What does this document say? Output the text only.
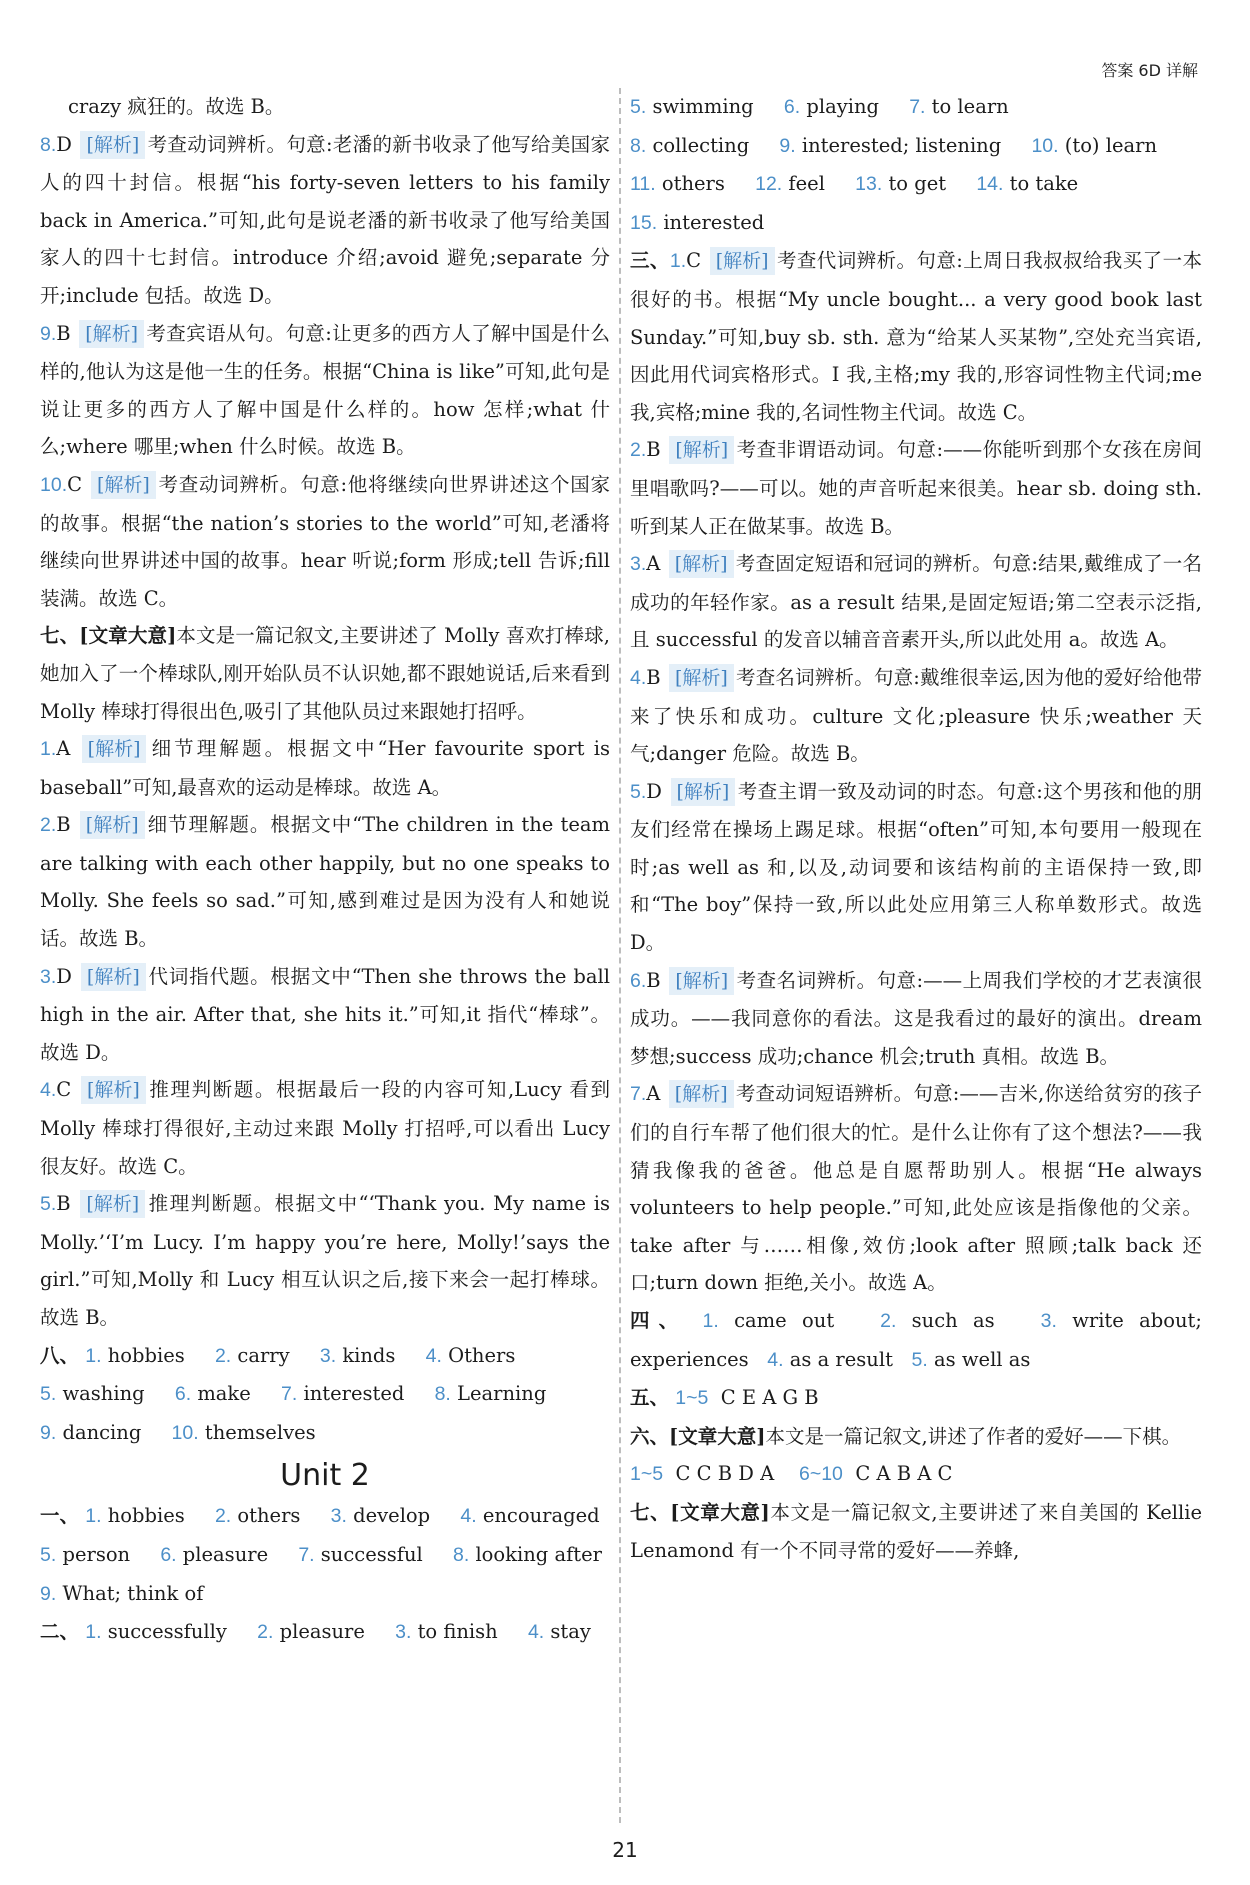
答案 6D 详解

crazy 疯狂的。故选 B。

8.D [解析] 考查动词辨析。句意:老潘的新书收录了他写给美国家人的四十封信。根据“his forty-seven letters to his family back in America.”可知,此句是说老潘的新书收录了他写给美国家人的四十七封信。introduce 介绍;avoid 避免;separate 分开;include 包括。故选 D。

9.B [解析] 考查宾语从句。句意:让更多的西方人了解中国是什么样的,他认为这是他一生的任务。根据“China is like”可知,此句是说让更多的西方人了解中国是什么样的。how 怎样;what 什么;where 哪里;when 什么时候。故选 B。

10.C [解析] 考查动词辨析。句意:他将继续向世界讲述这个国家的故事。根据“the nation’s stories to the world”可知,老潘将继续向世界讲述中国的故事。hear 听说;form 形成;tell 告诉;fill 装满。故选 C。

七、[文章大意]本文是一篇记叙文,主要讲述了 Molly 喜欢打棒球,她加入了一个棒球队,刚开始队员不认识她,都不跟她说话,后来看到 Molly 棒球打得很出色,吸引了其他队员过来跟她打招呼。

1.A [解析] 细节理解题。根据文中“Her favourite sport is baseball”可知,最喜欢的运动是棒球。故选 A。

2.B [解析] 细节理解题。根据文中“The children in the team are talking with each other happily, but no one speaks to Molly. She feels so sad.”可知,感到难过是因为没有人和她说话。故选 B。

3.D [解析] 代词指代题。根据文中“Then she throws the ball high in the air. After that, she hits it.”可知,it 指代“棒球”。故选 D。

4.C [解析] 推理判断题。根据最后一段的内容可知,Lucy 看到 Molly 棒球打得很好,主动过来跟 Molly 打招呼,可以看出 Lucy 很友好。故选 C。

5.B [解析] 推理判断题。根据文中“‘Thank you. My name is Molly.’‘I’m Lucy. I’m happy you’re here, Molly!’says the girl.”可知,Molly 和 Lucy 相互认识之后,接下来会一起打棒球。故选 B。

八、 1. hobbies 2. carry 3. kinds 4. Others
5. washing 6. make 7. interested 8. Learning
9. dancing 10. themselves
Unit 2
一、 1. hobbies 2. others 3. develop 4. encouraged
5. person 6. pleasure 7. successful 8. looking after
9. What; think of
二、 1. successfully 2. pleasure 3. to finish 4. stay
5. swimming 6. playing 7. to learn
8. collecting 9. interested; listening 10. (to) learn
11. others 12. feel 13. to get 14. to take
15. interested

三、1.C [解析] 考查代词辨析。句意:上周日我叔叔给我买了一本很好的书。根据“My uncle bought... a very good book last Sunday.”可知,buy sb. sth. 意为“给某人买某物”,空处充当宾语,因此用代词宾格形式。I 我,主格;my 我的,形容词性物主代词;me 我,宾格;mine 我的,名词性物主代词。故选 C。

2.B [解析] 考查非谓语动词。句意:——你能听到那个女孩在房间里唱歌吗?——可以。她的声音听起来很美。hear sb. doing sth. 听到某人正在做某事。故选 B。

3.A [解析] 考查固定短语和冠词的辨析。句意:结果,戴维成了一名成功的年轻作家。as a result 结果,是固定短语;第二空表示泛指,且 successful 的发音以辅音音素开头,所以此处用 a。故选 A。

4.B [解析] 考查名词辨析。句意:戴维很幸运,因为他的爱好给他带来了快乐和成功。culture 文化;pleasure 快乐;weather 天气;danger 危险。故选 B。

5.D [解析] 考查主谓一致及动词的时态。句意:这个男孩和他的朋友们经常在操场上踢足球。根据“often”可知,本句要用一般现在时;as well as 和,以及,动词要和该结构前的主语保持一致,即和“The boy”保持一致,所以此处应用第三人称单数形式。故选 D。

6.B [解析] 考查名词辨析。句意:——上周我们学校的才艺表演很成功。——我同意你的看法。这是我看过的最好的演出。dream 梦想;success 成功;chance 机会;truth 真相。故选 B。

7.A [解析] 考查动词短语辨析。句意:——吉米,你送给贫穷的孩子们的自行车帮了他们很大的忙。是什么让你有了这个想法?——我猜我像我的爸爸。他总是自愿帮助别人。根据“He always volunteers to help people.”可知,此处应该是指像他的父亲。take after 与……相像,效仿;look after 照顾;talk back 还口;turn down 拒绝,关小。故选 A。

四、 1. came out 2. such as 3. write about; experiences 4. as a result 5. as well as

五、 1~5 C E A G B

六、[文章大意]本文是一篇记叙文,讲述了作者的爱好——下棋。

1~5 C C B D A 6~10 C A B A C

七、[文章大意]本文是一篇记叙文,主要讲述了来自美国的 Kellie Lenamond 有一个不同寻常的爱好——养蜂,

21
